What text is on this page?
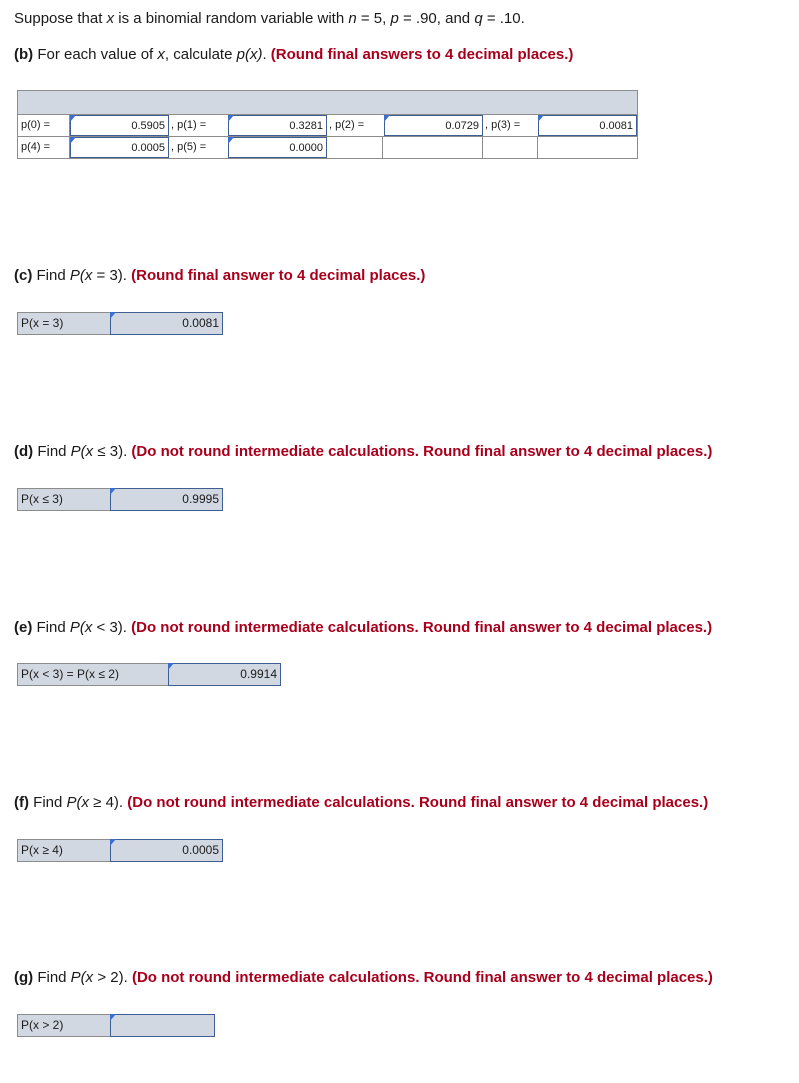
Suppose that x is a binomial random variable with n = 5, p = .90, and q = .10.
(b) For each value of x, calculate p(x). (Round final answers to 4 decimal places.)
p(0) =	0.5905 , p(1) =	0.3281 , p(2) =	0.0729 , p(3) =	0.0081
p(4) =	0.0005 , p(5) =	0.0000
(c) Find P(x = 3). (Round final answer to 4 decimal places.)
P(x = 3)	0.0081
(d) Find P(x ≤ 3). (Do not round intermediate calculations. Round final answer to 4 decimal places.)
P(x ≤ 3)	0.9995
(e) Find P(x < 3). (Do not round intermediate calculations. Round final answer to 4 decimal places.)
P(x < 3) = P(x ≤ 2)	0.9914
(f) Find P(x ≥ 4). (Do not round intermediate calculations. Round final answer to 4 decimal places.)
P(x ≥ 4)	0.0005
(g) Find P(x > 2). (Do not round intermediate calculations. Round final answer to 4 decimal places.)
P(x > 2)
